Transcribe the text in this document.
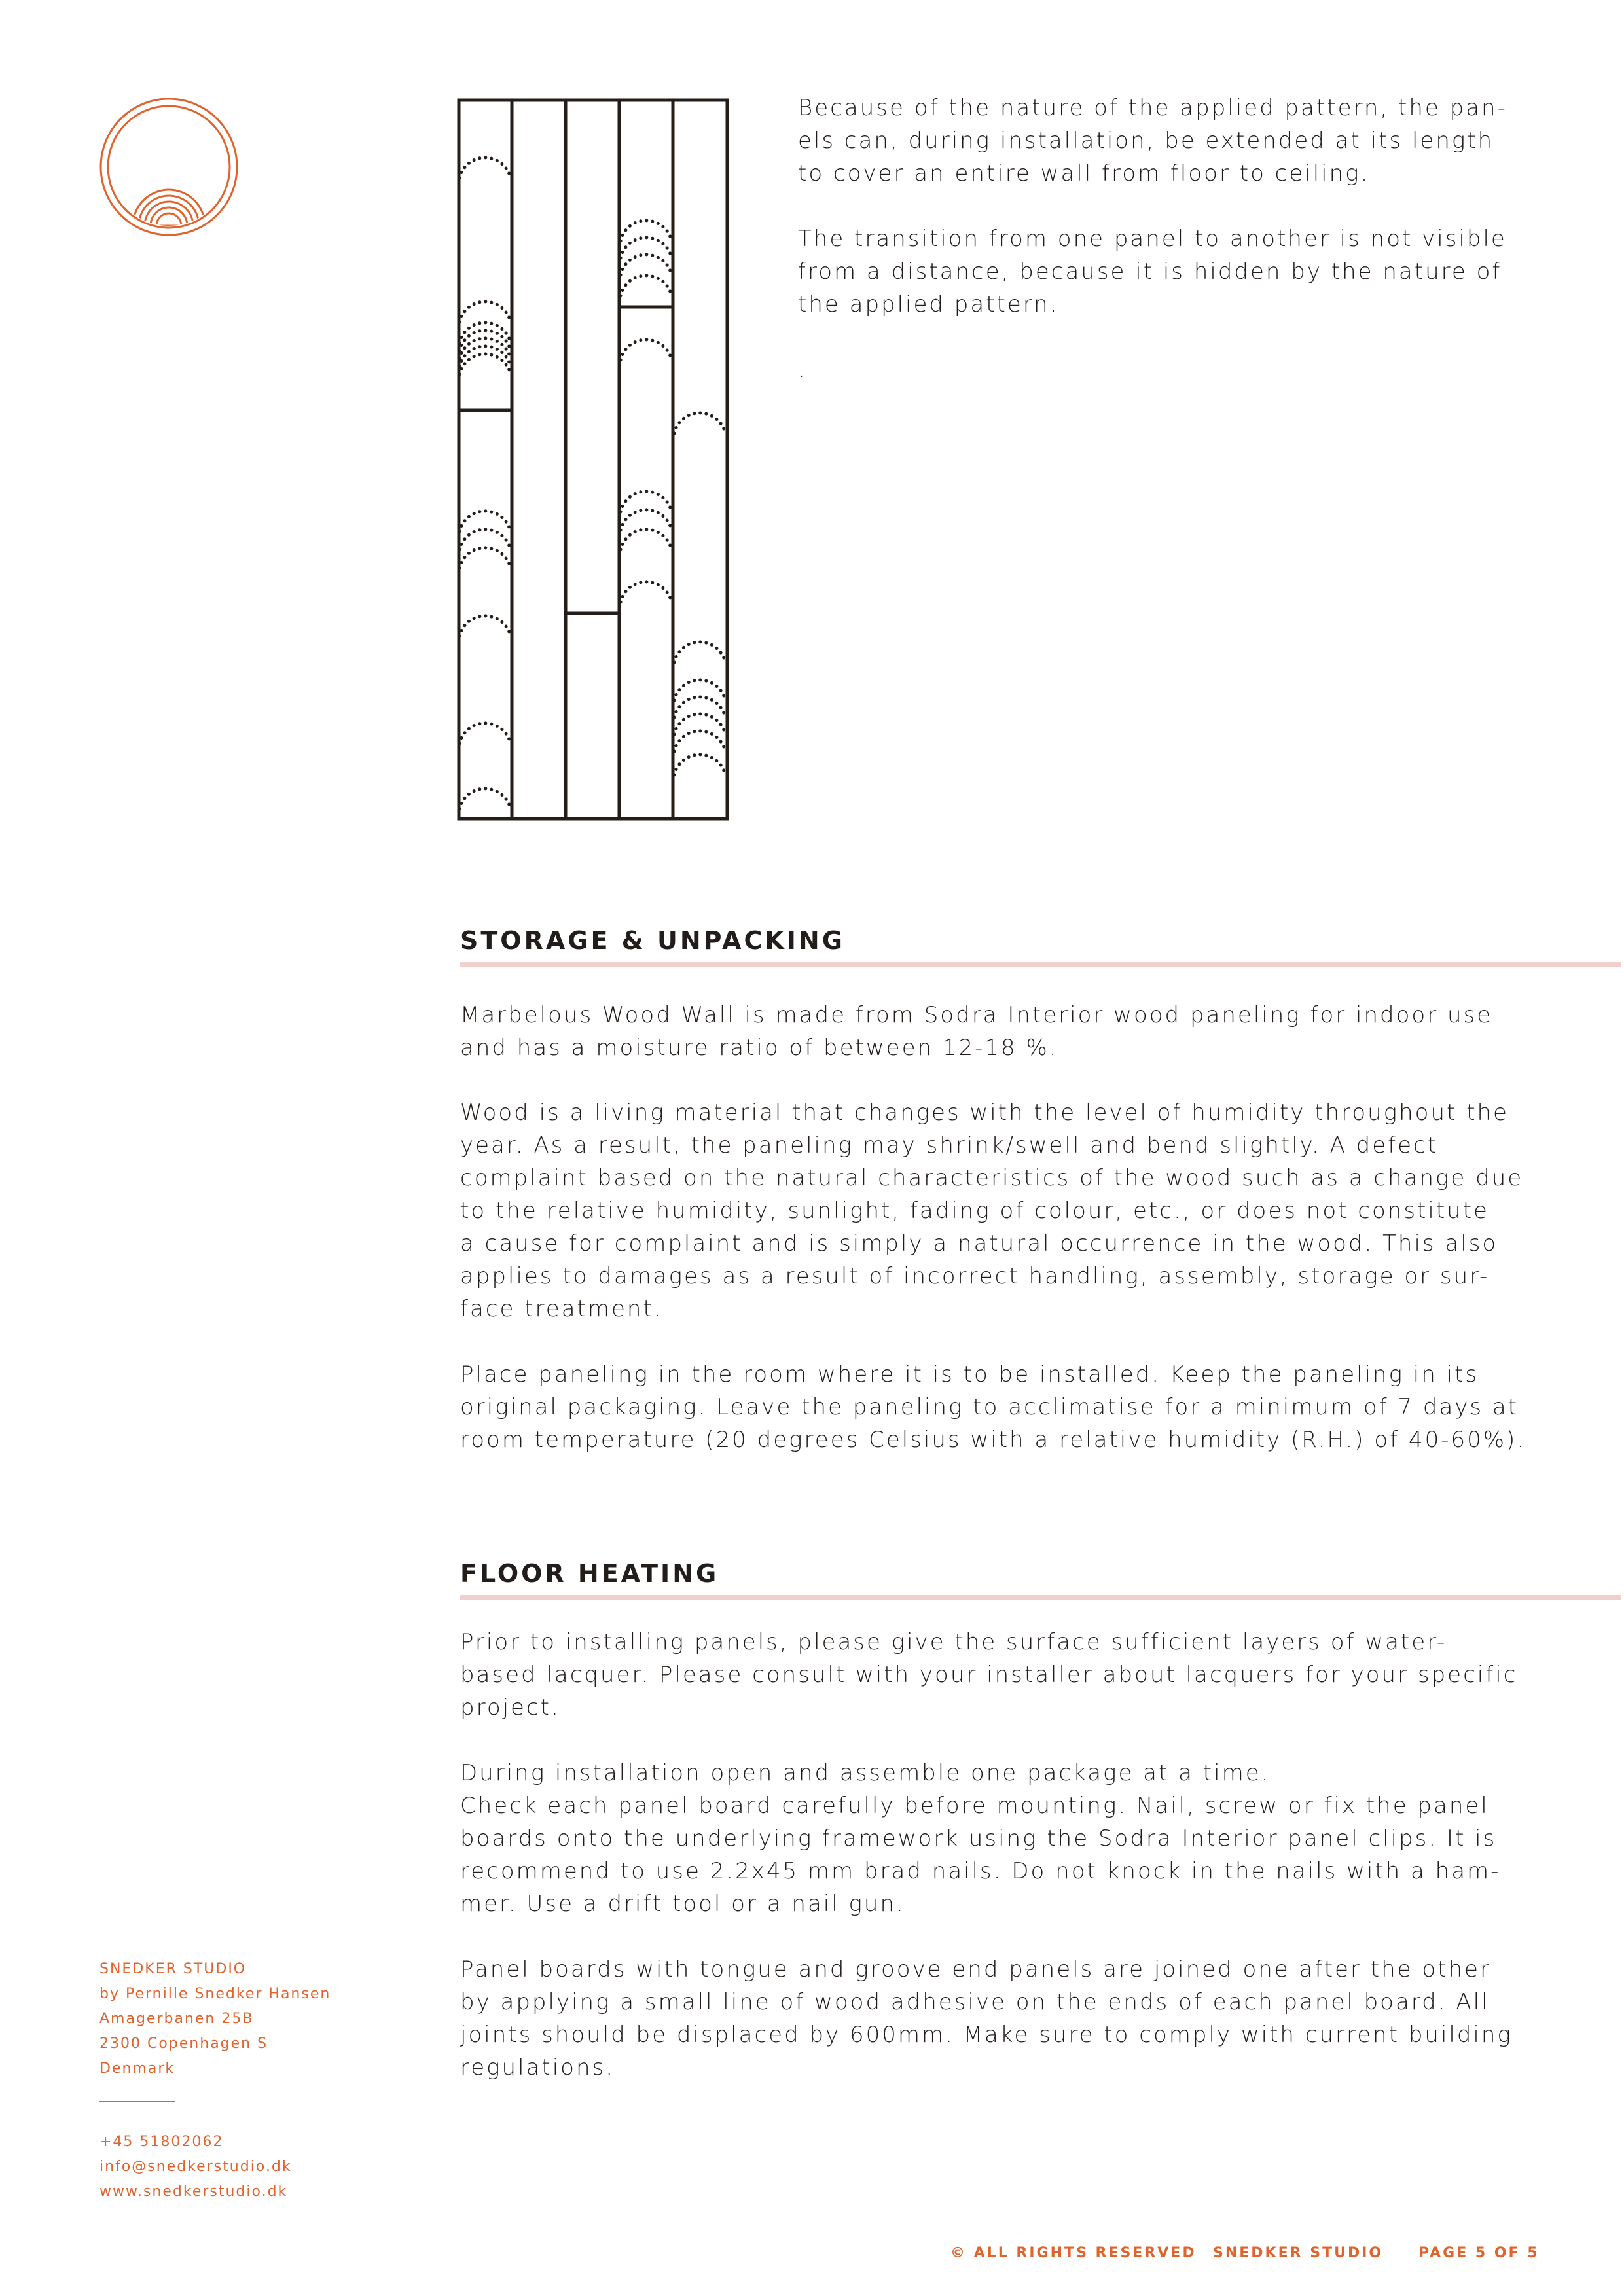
Because of the nature of the applied pattern, the pan-
els can, during installation, be extended at its length
to cover an entire wall from floor to ceiling.

The transition from one panel to another is not visible
from a distance, because it is hidden by the nature of
the applied pattern.

.

STORAGE & UNPACKING

Marbelous Wood Wall is made from Sodra Interior wood paneling for indoor use
and has a moisture ratio of between 12-18 %.

Wood is a living material that changes with the level of humidity throughout the
year. As a result, the paneling may shrink/swell and bend slightly. A defect
complaint based on the natural characteristics of the wood such as a change due
to the relative humidity, sunlight, fading of colour, etc., or does not constitute
a cause for complaint and is simply a natural occurrence in the wood. This also
applies to damages as a result of incorrect handling, assembly, storage or sur-
face treatment.

Place paneling in the room where it is to be installed. Keep the paneling in its
original packaging. Leave the paneling to acclimatise for a minimum of 7 days at
room temperature (20 degrees Celsius with a relative humidity (R.H.) of 40-60%).

FLOOR HEATING

Prior to installing panels, please give the surface sufficient layers of water-
based lacquer. Please consult with your installer about lacquers for your specific
project.

During installation open and assemble one package at a time.
Check each panel board carefully before mounting. Nail, screw or fix the panel
boards onto the underlying framework using the Sodra Interior panel clips. It is
recommend to use 2.2x45 mm brad nails. Do not knock in the nails with a ham-
mer. Use a drift tool or a nail gun.

Panel boards with tongue and groove end panels are joined one after the other
by applying a small line of wood adhesive on the ends of each panel board. All
joints should be displaced by 600mm. Make sure to comply with current building
regulations.

SNEDKER STUDIO
by Pernille Snedker Hansen
Amagerbanen 25B
2300 Copenhagen S
Denmark

+45 51802062
info@snedkerstudio.dk
www.snedkerstudio.dk

© ALL RIGHTS RESERVED SNEDKER STUDIO PAGE 5 OF 5
